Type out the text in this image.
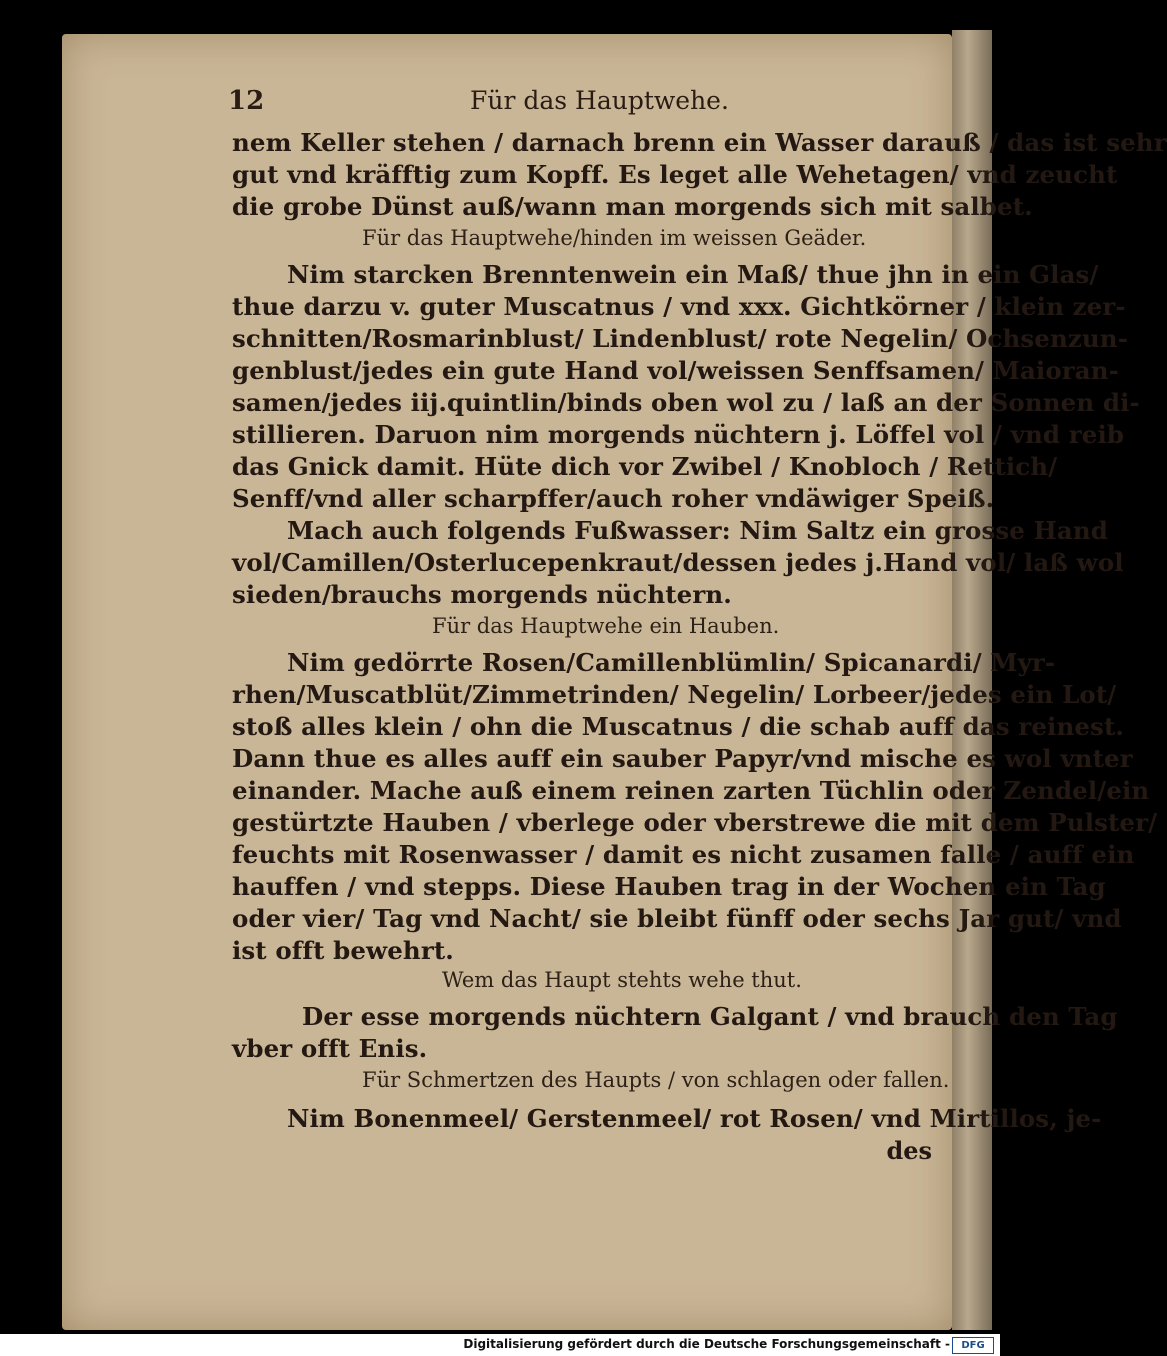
12	Für das Hauptwehe.
nem Keller stehen / darnach brenn ein Wasser darauß / das ist sehr
gut vnd kräfftig zum Kopff. Es leget alle Wehetagen/ vnd zeucht
die grobe Dünst auß/wann man morgends sich mit salbet.
Für das Hauptwehe/hinden im weissen Geäder.
Nim starcken Brenntenwein ein Maß/ thue jhn in ein Glas/
thue darzu v. guter Muscatnus / vnd xxx. Gichtkörner / klein zer-
schnitten/Rosmarinblust/ Lindenblust/ rote Negelin/ Ochsenzun-
genblust/jedes ein gute Hand vol/weissen Senffsamen/ Maioran-
samen/jedes iij.quintlin/binds oben wol zu / laß an der Sonnen di-
stillieren. Daruon nim morgends nüchtern j. Löffel vol / vnd reib
das Gnick damit. Hüte dich vor Zwibel / Knobloch / Rettich/
Senff/vnd aller scharpffer/auch roher vndäwiger Speiß.
Mach auch folgends Fußwasser: Nim Saltz ein grosse Hand
vol/Camillen/Osterlucepenkraut/dessen jedes j.Hand vol/ laß wol
sieden/brauchs morgends nüchtern.
Für das Hauptwehe ein Hauben.
Nim gedörrte Rosen/Camillenblümlin/ Spicanardi/ Myr-
rhen/Muscatblüt/Zimmetrinden/ Negelin/ Lorbeer/jedes ein Lot/
stoß alles klein / ohn die Muscatnus / die schab auff das reinest.
Dann thue es alles auff ein sauber Papyr/vnd mische es wol vnter
einander. Mache auß einem reinen zarten Tüchlin oder Zendel/ein
gestürtzte Hauben / vberlege oder vberstrewe die mit dem Pulster/
feuchts mit Rosenwasser / damit es nicht zusamen falle / auff ein
hauffen / vnd stepps. Diese Hauben trag in der Wochen ein Tag
oder vier/ Tag vnd Nacht/ sie bleibt fünff oder sechs Jar gut/ vnd
ist offt bewehrt.
Wem das Haupt stehts wehe thut.
Der esse morgends nüchtern Galgant / vnd brauch den Tag
vber offt Enis.
Für Schmertzen des Haupts / von schlagen oder fallen.
Nim Bonenmeel/ Gerstenmeel/ rot Rosen/ vnd Mirtillos, je-
des
Digitalisierung gefördert durch die Deutsche Forschungsgemeinschaft -	DFG
